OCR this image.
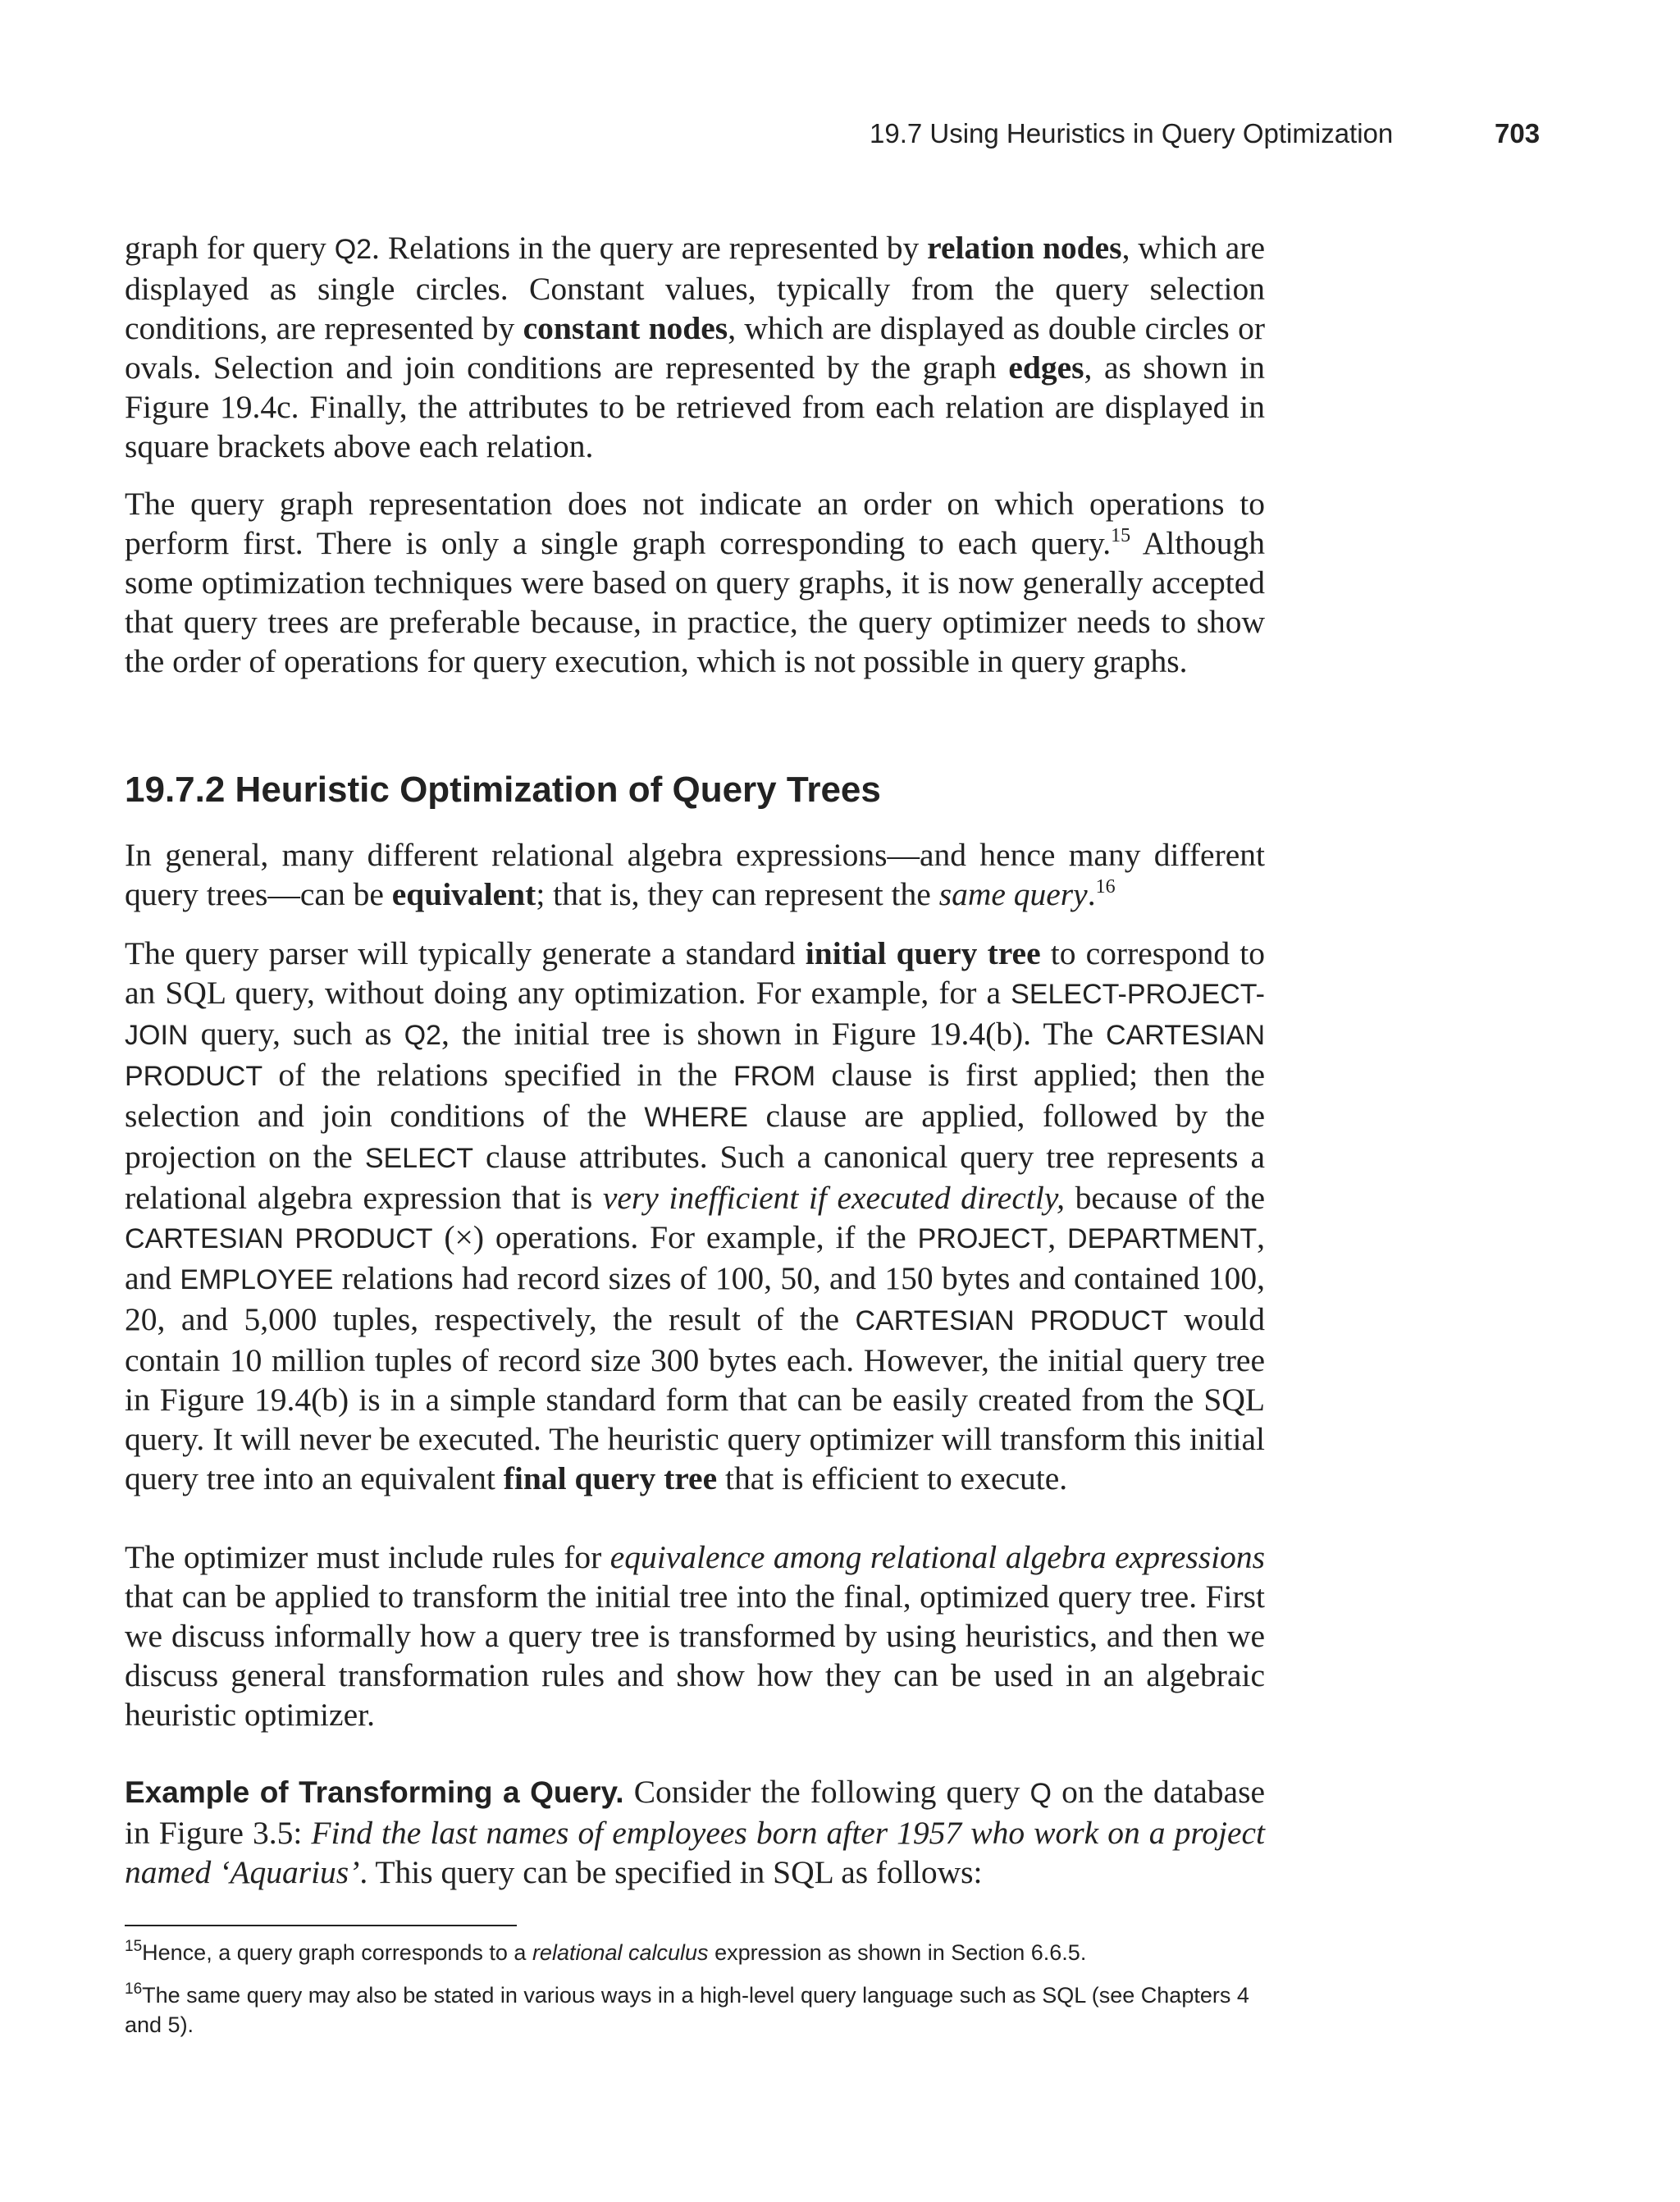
19.7 Using Heuristics in Query Optimization	703

graph for query Q2. Relations in the query are represented by relation nodes, which are displayed as single circles. Constant values, typically from the query selection conditions, are represented by constant nodes, which are displayed as double circles or ovals. Selection and join conditions are represented by the graph edges, as shown in Figure 19.4c. Finally, the attributes to be retrieved from each relation are displayed in square brackets above each relation.

The query graph representation does not indicate an order on which operations to perform first. There is only a single graph corresponding to each query.$^{15}$ Although some optimization techniques were based on query graphs, it is now generally accepted that query trees are preferable because, in practice, the query optimizer needs to show the order of operations for query execution, which is not possible in query graphs.

19.7.2 Heuristic Optimization of Query Trees

In general, many different relational algebra expressions—and hence many different query trees—can be equivalent; that is, they can represent the same query.$^{16}$

The query parser will typically generate a standard initial query tree to correspond to an SQL query, without doing any optimization. For example, for a SELECT-PROJECT-JOIN query, such as Q2, the initial tree is shown in Figure 19.4(b). The CARTESIAN PRODUCT of the relations specified in the FROM clause is first applied; then the selection and join conditions of the WHERE clause are applied, followed by the projection on the SELECT clause attributes. Such a canonical query tree represents a relational algebra expression that is very inefficient if executed directly, because of the CARTESIAN PRODUCT (×) operations. For example, if the PROJECT, DEPARTMENT, and EMPLOYEE relations had record sizes of 100, 50, and 150 bytes and contained 100, 20, and 5,000 tuples, respectively, the result of the CARTESIAN PRODUCT would contain 10 million tuples of record size 300 bytes each. However, the initial query tree in Figure 19.4(b) is in a simple standard form that can be easily created from the SQL query. It will never be executed. The heuristic query optimizer will transform this initial query tree into an equivalent final query tree that is efficient to execute.

The optimizer must include rules for equivalence among relational algebra expressions that can be applied to transform the initial tree into the final, optimized query tree. First we discuss informally how a query tree is transformed by using heuristics, and then we discuss general transformation rules and show how they can be used in an algebraic heuristic optimizer.

Example of Transforming a Query. Consider the following query Q on the database in Figure 3.5: Find the last names of employees born after 1957 who work on a project named ‘Aquarius’. This query can be specified in SQL as follows:

$^{15}$Hence, a query graph corresponds to a relational calculus expression as shown in Section 6.6.5.

$^{16}$The same query may also be stated in various ways in a high-level query language such as SQL (see Chapters 4 and 5).
